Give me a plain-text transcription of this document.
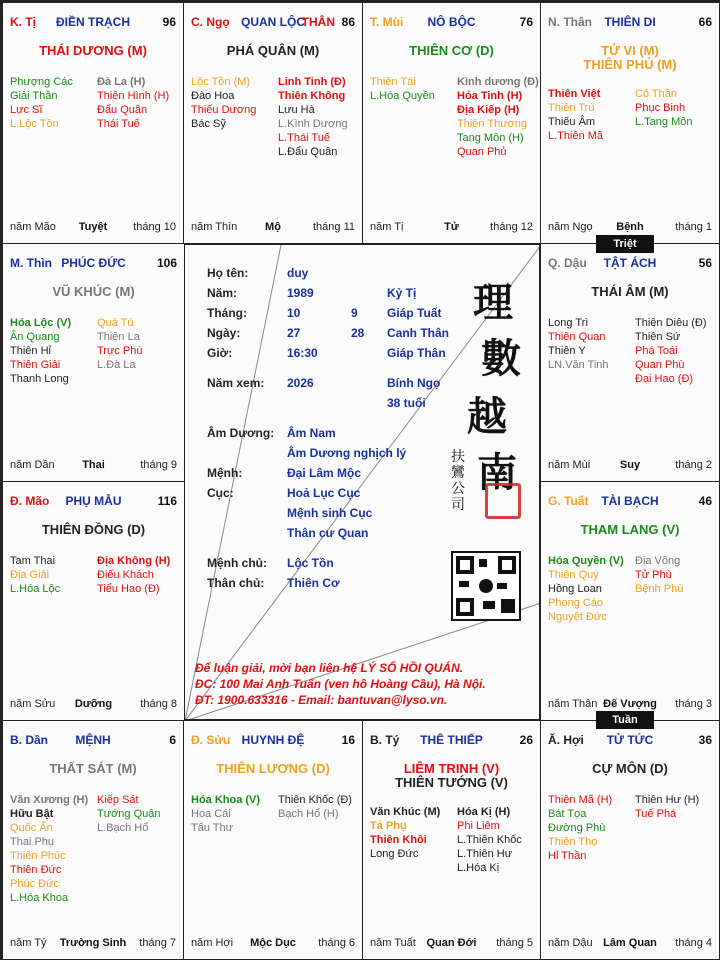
K. Tị	ĐIỀN TRẠCH	96
THÁI DƯƠNG (M)
Phượng Các
Giải Thần
Lực Sĩ
L.Lộc Tồn
Đà La (H)
Thiên Hình (H)
Đẩu Quân
Thái Tuế
năm Mão	Tuyệt	tháng 10
C. Ngọ QUAN LỘC	86
THÂN
PHÁ QUÂN (M)
Lộc Tồn (M)
Đào Hoa
Thiếu Dương
Bác Sỹ
Linh Tinh (Đ)
Thiên Không
Lưu Hà
L.Kình Dương
L.Thái Tuế
L.Đẩu Quân
năm Thìn	Mộ	tháng 11
T. Mùi	NÔ BỘC	76
THIÊN CƠ (D)
Thiên Tài
L.Hóa Quyền
Kình dương (Đ)
Hỏa Tinh (H)
Địa Kiếp (H)
Thiên Thương
Tang Môn (H)
Quan Phủ
năm Tị	Tử	tháng 12
N. Thân	THIÊN DI	66
TỬ VI (M)
THIÊN PHỦ (M)
Thiên Việt
Thiên Trù
Thiếu Âm
L.Thiên Mã
Cô Thần
Phục Binh
L.Tang Môn
năm Ngọ	Bệnh	tháng 1
M. Thìn PHÚC ĐỨC	106
VŨ KHÚC (M)
Hóa Lộc (V)
Ân Quang
Thiên Hỉ
Thiên Giải
Thanh Long
Quả Tú
Thiên La
Trực Phù
L.Đà La
năm Dần	Thai	tháng 9
Q. Dậu	TẬT ÁCH	56
THÁI ÂM (M)
Long Trì
Thiên Quan
Thiên Y
LN.Văn Tinh
Thiên Diêu (Đ)
Thiên Sứ
Phá Toái
Quan Phù
Đại Hao (Đ)
năm Mùi	Suy	tháng 2
Đ. Mão	PHỤ MẪU	116
THIÊN ĐỒNG (D)
Tam Thai
Địa Giải
L.Hóa Lộc
Địa Không (H)
Điếu Khách
Tiểu Hao (Đ)
năm Sửu	Dưỡng	tháng 8
G. Tuất	TÀI BẠCH	46
THAM LANG (V)
Hóa Quyền (V)
Thiên Quý
Hồng Loan
Phong Cáo
Nguyệt Đức
Địa Võng
Tử Phù
Bệnh Phù
năm Thân Đế Vượng	tháng 3
B. Dần	MỆNH	6
THẤT SÁT (M)
Văn Xương (H)
Hữu Bật
Quốc Ấn
Thai Phụ
Thiên Phúc
Thiên Đức
Phúc Đức
L.Hóa Khoa
Kiếp Sát
Tướng Quân
L.Bạch Hổ
năm Tý	Trường Sinh	tháng 7
Đ. Sửu HUYNH ĐỆ	16
THIÊN LƯƠNG (D)
Hóa Khoa (V)
Hoa Cái
Tấu Thư
Thiên Khốc (Đ)
Bạch Hổ (H)
năm Hợi	Mộc Dục	tháng 6
B. Tý	THÊ THIẾP	26
LIÊM TRINH (V)
THIÊN TƯỚNG (V)
Văn Khúc (M)
Tả Phụ
Thiên Khôi
Long Đức
Hóa Kị (H)
Phi Liêm
L.Thiên Khốc
L.Thiên Hư
L.Hóa Kị
năm Tuất Quan Đới	tháng 5
Ă. Hợi	TỬ TỨC	36
CỰ MÔN (D)
Thiên Mã (H)
Bát Tọa
Đường Phù
Thiên Thọ
Hỉ Thần
Thiên Hư (H)
Tuế Phá
năm Dậu Lâm Quan	tháng 4
Họ tên:	duy
Năm:	1989	Kỷ Tị
Tháng:	10	9 Giáp Tuất
Ngày:	27	28 Canh Thân
Giờ:	16:30	Giáp Thân
Năm xem: 2026	Bính Ngọ
38 tuổi
Âm Dương: Âm Nam
Âm Dương nghịch lý
Mệnh:	Đại Lâm Mộc
Cục:	Hoả Lục Cục
Mệnh sinh Cục
Thân cư Quan
Mệnh chủ: Lộc Tồn
Thân chủ: Thiên Cơ
理
數
越
南
扶 鸞 公 司
Để luận giải, mời bạn liên hệ LÝ SỐ HỒI QUÁN.
ĐC: 100 Mai Anh Tuấn (ven hồ Hoàng Cầu), Hà Nội.
ĐT: 1900.633316 - Email: bantuvan@lyso.vn.
Triệt
Tuần
